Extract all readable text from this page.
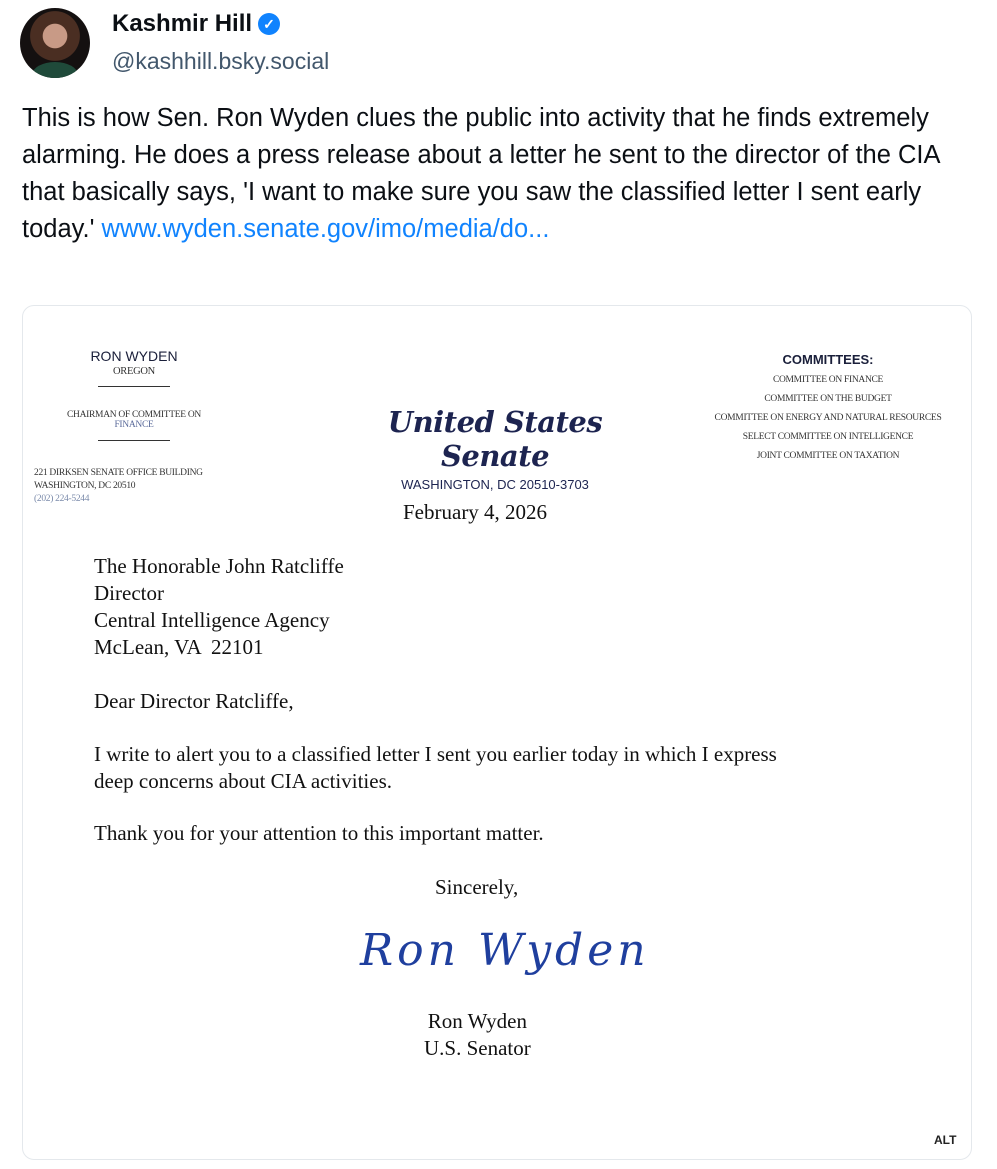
Kashmir Hill ✓
@kashhill.bsky.social
This is how Sen. Ron Wyden clues the public into activity that he finds extremely alarming. He does a press release about a letter he sent to the director of the CIA that basically says, 'I want to make sure you saw the classified letter I sent early today.' www.wyden.senate.gov/imo/media/do...
RON WYDEN
OREGON
CHAIRMAN OF COMMITTEE ON
FINANCE
221 DIRKSEN SENATE OFFICE BUILDING
WASHINGTON, DC 20510
(202) 224-5244
United States Senate
WASHINGTON, DC 20510-3703
COMMITTEES:
COMMITTEE ON FINANCE
COMMITTEE ON THE BUDGET
COMMITTEE ON ENERGY AND NATURAL RESOURCES
SELECT COMMITTEE ON INTELLIGENCE
JOINT COMMITTEE ON TAXATION
February 4, 2026
The Honorable John Ratcliffe
Director
Central Intelligence Agency
McLean, VA  22101
Dear Director Ratcliffe,
I write to alert you to a classified letter I sent you earlier today in which I express
deep concerns about CIA activities.
Thank you for your attention to this important matter.
Sincerely,
Ron Wyden
Ron Wyden
U.S. Senator
ALT
